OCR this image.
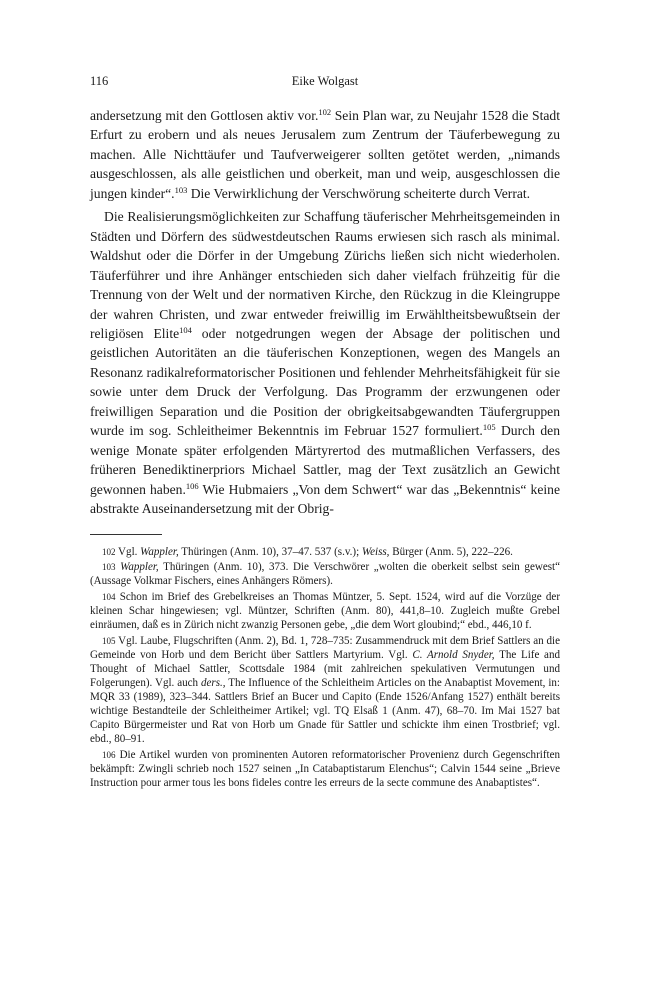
116	Eike Wolgast

andersetzung mit den Gottlosen aktiv vor.$^{102}$ Sein Plan war, zu Neujahr 1528 die Stadt Erfurt zu erobern und als neues Jerusalem zum Zentrum der Täuferbewegung zu machen. Alle Nichttäufer und Taufverweigerer sollten getötet werden, „nimands ausgeschlossen, als alle geistlichen und oberkeit, man und weip, ausgeschlossen die jungen kinder“.$^{103}$ Die Verwirklichung der Verschwörung scheiterte durch Verrat.

Die Realisierungsmöglichkeiten zur Schaffung täuferischer Mehrheitsgemeinden in Städten und Dörfern des südwestdeutschen Raums erwiesen sich rasch als minimal. Waldshut oder die Dörfer in der Umgebung Zürichs ließen sich nicht wiederholen. Täuferführer und ihre Anhänger entschieden sich daher vielfach frühzeitig für die Trennung von der Welt und der normativen Kirche, den Rückzug in die Kleingruppe der wahren Christen, und zwar entweder freiwillig im Erwähltheitsbewußtsein der religiösen Elite$^{104}$ oder notgedrungen wegen der Absage der politischen und geistlichen Autoritäten an die täuferischen Konzeptionen, wegen des Mangels an Resonanz radikalreformatorischer Positionen und fehlender Mehrheitsfähigkeit für sie sowie unter dem Druck der Verfolgung. Das Programm der erzwungenen oder freiwilligen Separation und die Position der obrigkeitsabgewandten Täufergruppen wurde im sog. Schleitheimer Bekenntnis im Februar 1527 formuliert.$^{105}$ Durch den wenige Monate später erfolgenden Märtyrertod des mutmaßlichen Verfassers, des früheren Benediktinerpriors Michael Sattler, mag der Text zusätzlich an Gewicht gewonnen haben.$^{106}$ Wie Hubmaiers „Von dem Schwert“ war das „Bekenntnis“ keine abstrakte Auseinandersetzung mit der Obrig-

102 Vgl. Wappler, Thüringen (Anm. 10), 37–47. 537 (s.v.); Weiss, Bürger (Anm. 5), 222–226.

103 Wappler, Thüringen (Anm. 10), 373. Die Verschwörer „wolten die oberkeit selbst sein gewest“ (Aussage Volkmar Fischers, eines Anhängers Römers).

104 Schon im Brief des Grebelkreises an Thomas Müntzer, 5. Sept. 1524, wird auf die Vorzüge der kleinen Schar hingewiesen; vgl. Müntzer, Schriften (Anm. 80), 441,8–10. Zugleich mußte Grebel einräumen, daß es in Zürich nicht zwanzig Personen gebe, „die dem Wort gloubind;“ ebd., 446,10 f.

105 Vgl. Laube, Flugschriften (Anm. 2), Bd. 1, 728–735: Zusammendruck mit dem Brief Sattlers an die Gemeinde von Horb und dem Bericht über Sattlers Martyrium. Vgl. C. Arnold Snyder, The Life and Thought of Michael Sattler, Scottsdale 1984 (mit zahlreichen spekulativen Vermutungen und Folgerungen). Vgl. auch ders., The Influence of the Schleitheim Articles on the Anabaptist Movement, in: MQR 33 (1989), 323–344. Sattlers Brief an Bucer und Capito (Ende 1526/Anfang 1527) enthält bereits wichtige Bestandteile der Schleitheimer Artikel; vgl. TQ Elsaß 1 (Anm. 47), 68–70. Im Mai 1527 bat Capito Bürgermeister und Rat von Horb um Gnade für Sattler und schickte ihm einen Trostbrief; vgl. ebd., 80–91.

106 Die Artikel wurden von prominenten Autoren reformatorischer Provenienz durch Gegenschriften bekämpft: Zwingli schrieb noch 1527 seinen „In Catabaptistarum Elenchus“; Calvin 1544 seine „Brieve Instruction pour armer tous les bons fideles contre les erreurs de la secte commune des Anabaptistes“.
